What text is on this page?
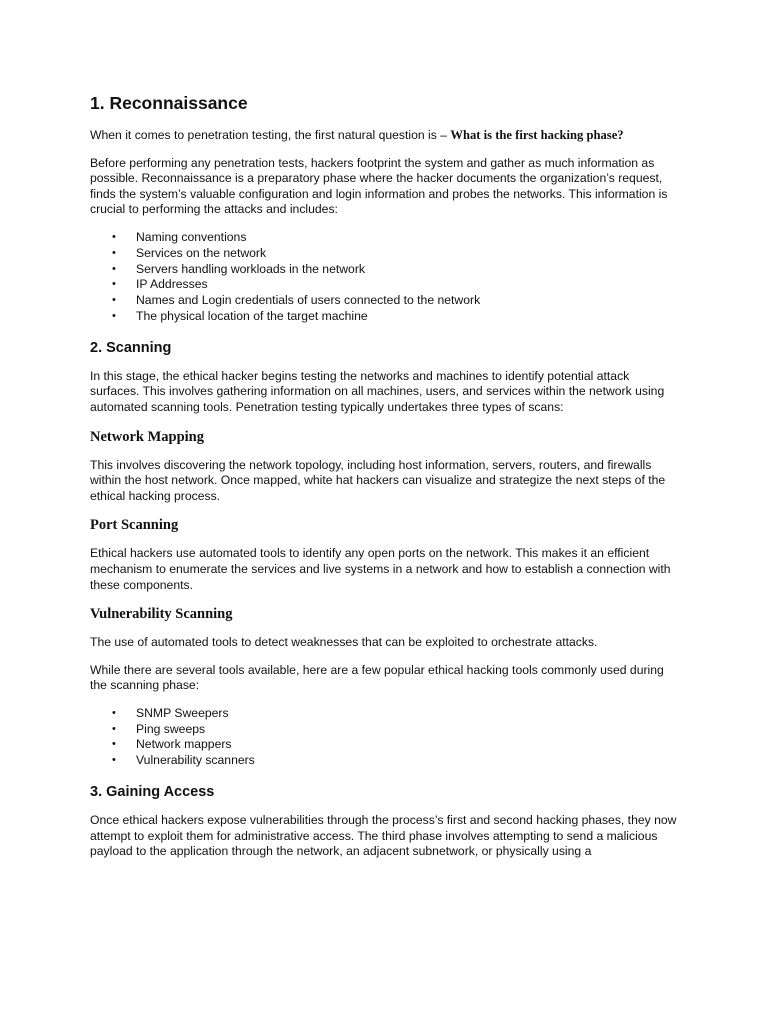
1. Reconnaissance

When it comes to penetration testing, the first natural question is – What is the first hacking phase?

Before performing any penetration tests, hackers footprint the system and gather as much information as possible. Reconnaissance is a preparatory phase where the hacker documents the organization’s request, finds the system’s valuable configuration and login information and probes the networks. This information is crucial to performing the attacks and includes:

• Naming conventions
• Services on the network
• Servers handling workloads in the network
• IP Addresses
• Names and Login credentials of users connected to the network
• The physical location of the target machine
2. Scanning

In this stage, the ethical hacker begins testing the networks and machines to identify potential attack surfaces. This involves gathering information on all machines, users, and services within the network using automated scanning tools. Penetration testing typically undertakes three types of scans:

Network Mapping

This involves discovering the network topology, including host information, servers, routers, and firewalls within the host network. Once mapped, white hat hackers can visualize and strategize the next steps of the ethical hacking process.

Port Scanning

Ethical hackers use automated tools to identify any open ports on the network. This makes it an efficient mechanism to enumerate the services and live systems in a network and how to establish a connection with these components.

Vulnerability Scanning

The use of automated tools to detect weaknesses that can be exploited to orchestrate attacks.

While there are several tools available, here are a few popular ethical hacking tools commonly used during the scanning phase:

• SNMP Sweepers
• Ping sweeps
• Network mappers
• Vulnerability scanners
3. Gaining Access

Once ethical hackers expose vulnerabilities through the process’s first and second hacking phases, they now attempt to exploit them for administrative access. The third phase involves attempting to send a malicious payload to the application through the network, an adjacent subnetwork, or physically using a
